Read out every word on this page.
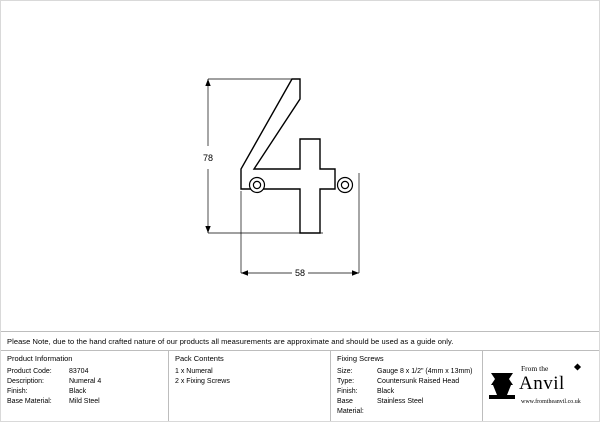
78
58
Please Note, due to the hand crafted nature of our products all measurements are approximate and should be used as a guide only.
Product Information
Product Code:	83704
Description:	Numeral 4
Finish:	Black
Base Material:	Mild Steel
Pack Contents
1 x Numeral
2 x Fixing Screws
Fixing Screws
Size:	Gauge 8 x 1/2" (4mm x 13mm)
Type:	Countersunk Raised Head
Finish:	Black
Base Material:
Stainless Steel
From the
Anvil
www.fromtheanvil.co.uk
